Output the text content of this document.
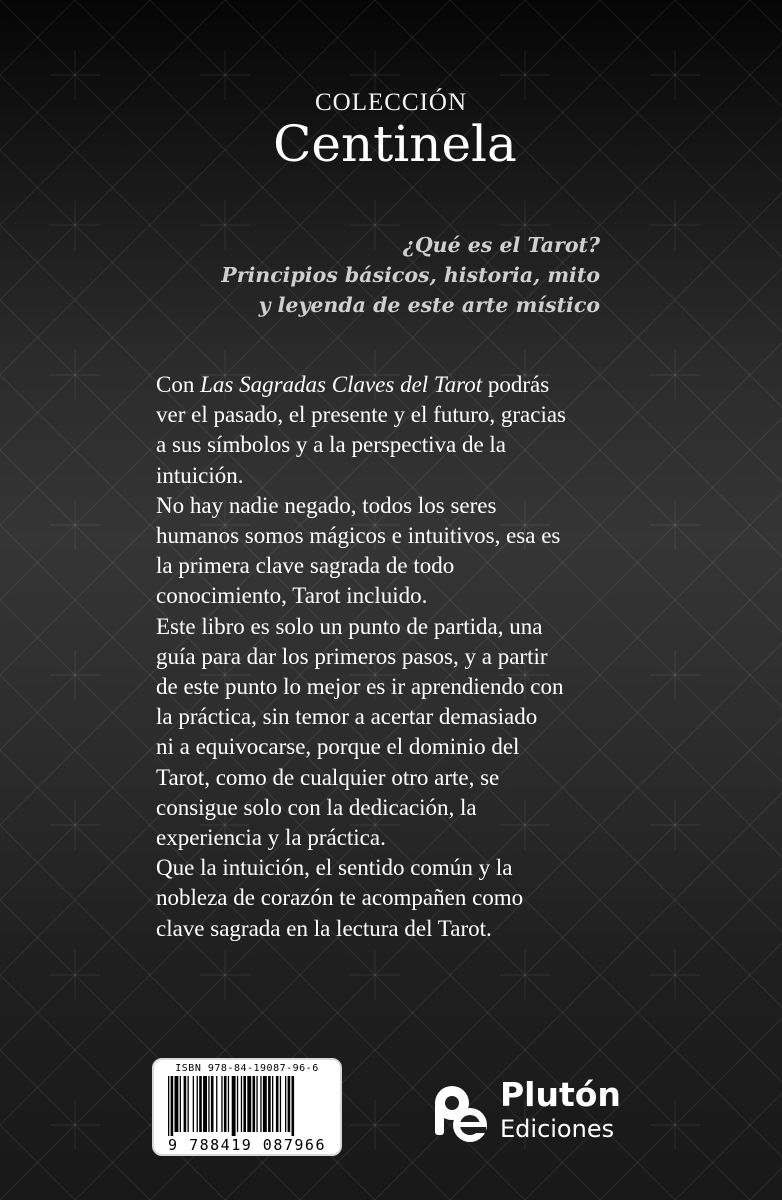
COLECCIÓN
Centinela
¿Qué es el Tarot?
Principios básicos, historia, mito
y leyenda de este arte místico
Con Las Sagradas Claves del Tarot podrás
ver el pasado, el presente y el futuro, gracias
a sus símbolos y a la perspectiva de la
intuición.
No hay nadie negado, todos los seres
humanos somos mágicos e intuitivos, esa es
la primera clave sagrada de todo
conocimiento, Tarot incluido.
Este libro es solo un punto de partida, una
guía para dar los primeros pasos, y a partir
de este punto lo mejor es ir aprendiendo con
la práctica, sin temor a acertar demasiado
ni a equivocarse, porque el dominio del
Tarot, como de cualquier otro arte, se
consigue solo con la dedicación, la
experiencia y la práctica.
Que la intuición, el sentido común y la
nobleza de corazón te acompañen como
clave sagrada en la lectura del Tarot.
ISBN 978-84-19087-96-6
9 788419 087966
Plutón
Ediciones
